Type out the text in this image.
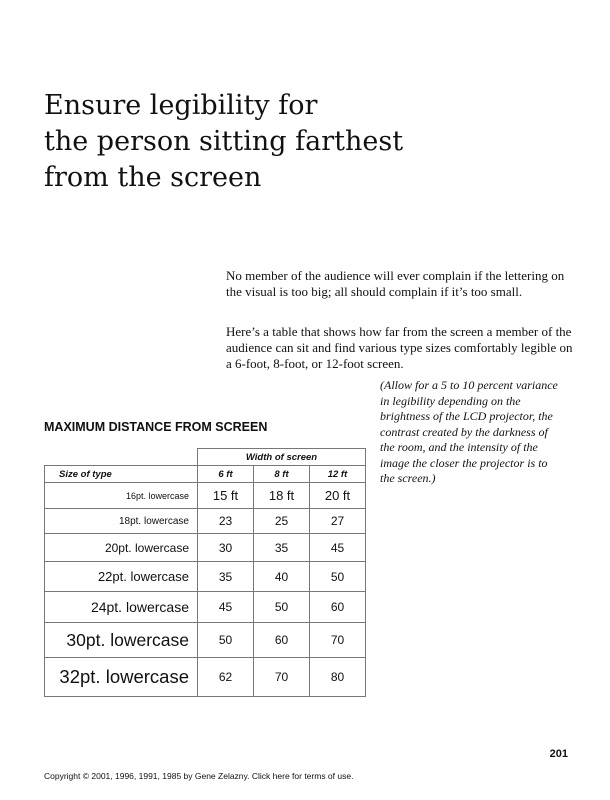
Ensure legibility for
the person sitting farthest
from the screen

No member of the audience will ever complain if the lettering on the visual is too big; all should complain if it’s too small.

Here’s a table that shows how far from the screen a member of the audience can sit and find various type sizes comfortably legible on a 6-foot, 8-foot, or 12-foot screen.

(Allow for a 5 to 10 percent variance in legibility depending on the brightness of the LCD projector, the contrast created by the darkness of the room, and the intensity of the image the closer the projector is to the screen.)
MAXIMUM DISTANCE FROM SCREEN
	Width of screen		
Size of type	6 ft	8 ft	12 ft
16pt. lowercase	15 ft	18 ft	20 ft
18pt. lowercase	23	25	27
20pt. lowercase	30	35	45
22pt. lowercase	35	40	50
24pt. lowercase	45	50	60
30pt. lowercase	50	60	70
32pt. lowercase	62	70	80
201
Copyright © 2001, 1996, 1991, 1985 by Gene Zelazny. Click here for terms of use.
